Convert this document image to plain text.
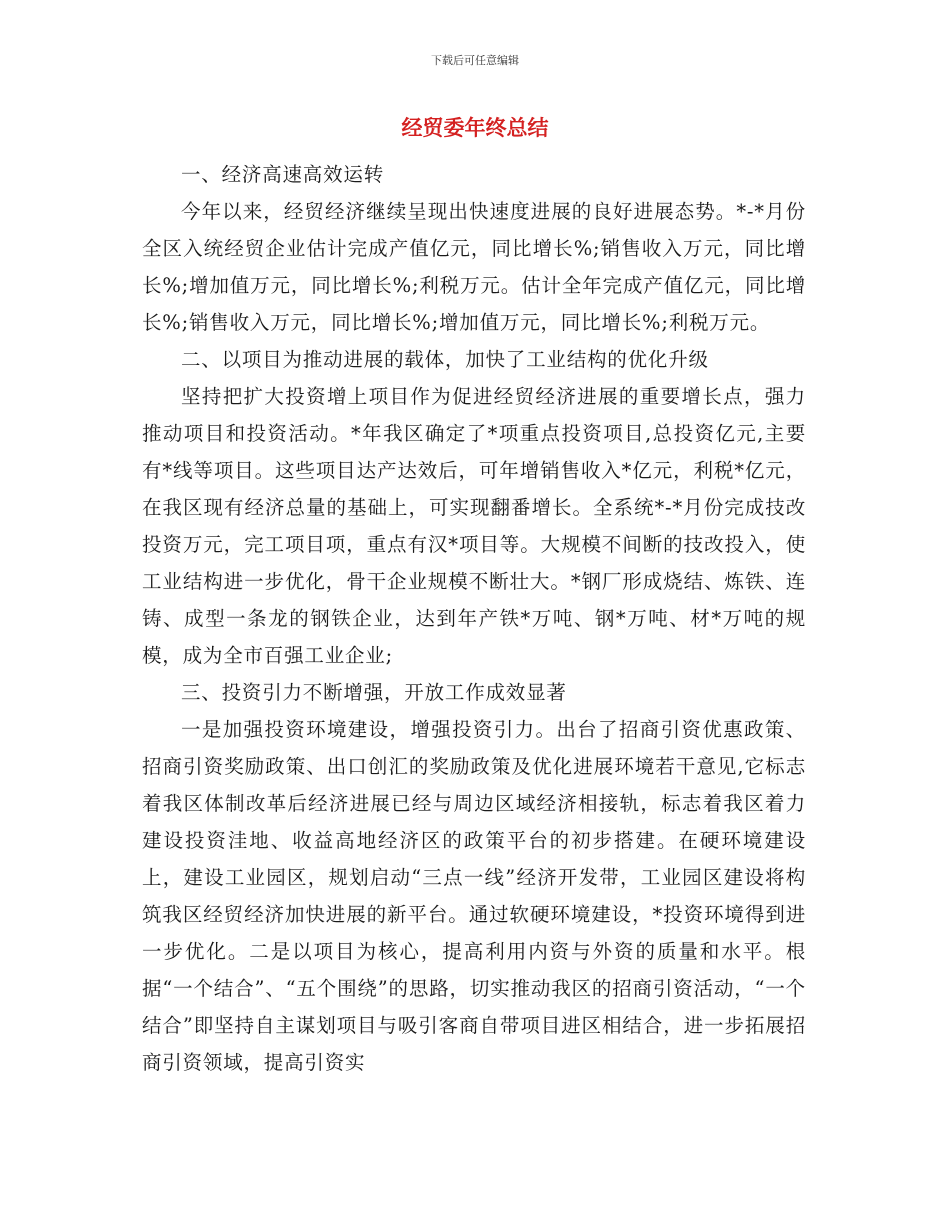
下载后可任意编辑
经贸委年终总结

一、经济高速高效运转

今年以来，经贸经济继续呈现出快速度进展的良好进展态势。*-*月份全区入统经贸企业估计完成产值亿元，同比增长%;销售收入万元，同比增长%;增加值万元，同比增长%;利税万元。估计全年完成产值亿元，同比增长%;销售收入万元，同比增长%;增加值万元，同比增长%;利税万元。

二、以项目为推动进展的载体，加快了工业结构的优化升级

坚持把扩大投资增上项目作为促进经贸经济进展的重要增长点，强力推动项目和投资活动。*年我区确定了*项重点投资项目,总投资亿元,主要有*线等项目。这些项目达产达效后，可年增销售收入*亿元，利税*亿元，在我区现有经济总量的基础上，可实现翻番增长。全系统*-*月份完成技改投资万元，完工项目项，重点有汉*项目等。大规模不间断的技改投入，使工业结构进一步优化，骨干企业规模不断壮大。*钢厂形成烧结、炼铁、连铸、成型一条龙的钢铁企业，达到年产铁*万吨、钢*万吨、材*万吨的规模，成为全市百强工业企业;

三、投资引力不断增强，开放工作成效显著

一是加强投资环境建设，增强投资引力。出台了招商引资优惠政策、招商引资奖励政策、出口创汇的奖励政策及优化进展环境若干意见,它标志着我区体制改革后经济进展已经与周边区域经济相接轨，标志着我区着力建设投资洼地、收益高地经济区的政策平台的初步搭建。在硬环境建设上，建设工业园区，规划启动“三点一线”经济开发带，工业园区建设将构筑我区经贸经济加快进展的新平台。通过软硬环境建设，*投资环境得到进一步优化。二是以项目为核心，提高利用内资与外资的质量和水平。根据“一个结合”、“五个围绕”的思路，切实推动我区的招商引资活动，“一个结合”即坚持自主谋划项目与吸引客商自带项目进区相结合，进一步拓展招商引资领域，提高引资实
